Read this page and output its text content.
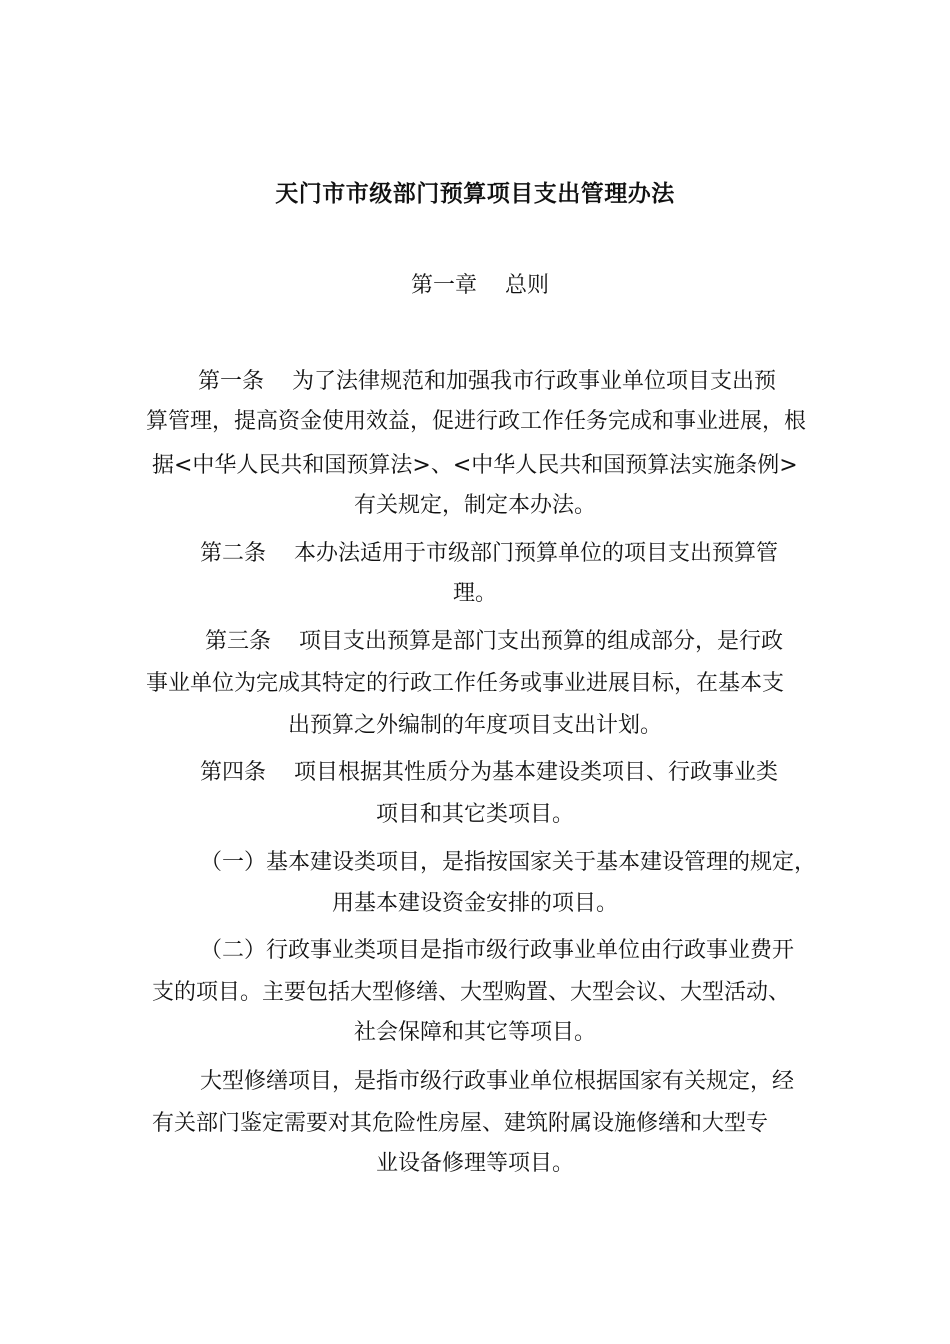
天门市市级部门预算项目支出管理办法
第一章    总则
第一条    为了法律规范和加强我市行政事业单位项目支出预
算管理，提高资金使用效益，促进行政工作任务完成和事业进展，根
据<中华人民共和国预算法>、<中华人民共和国预算法实施条例>
有关规定，制定本办法。
第二条    本办法适用于市级部门预算单位的项目支出预算管
理。
第三条    项目支出预算是部门支出预算的组成部分，是行政
事业单位为完成其特定的行政工作任务或事业进展目标，在基本支
出预算之外编制的年度项目支出计划。
第四条    项目根据其性质分为基本建设类项目、行政事业类
项目和其它类项目。
（一）基本建设类项目，是指按国家关于基本建设管理的规定，
用基本建设资金安排的项目。
（二）行政事业类项目是指市级行政事业单位由行政事业费开
支的项目。主要包括大型修缮、大型购置、大型会议、大型活动、
社会保障和其它等项目。
大型修缮项目，是指市级行政事业单位根据国家有关规定，经
有关部门鉴定需要对其危险性房屋、建筑附属设施修缮和大型专
业设备修理等项目。
